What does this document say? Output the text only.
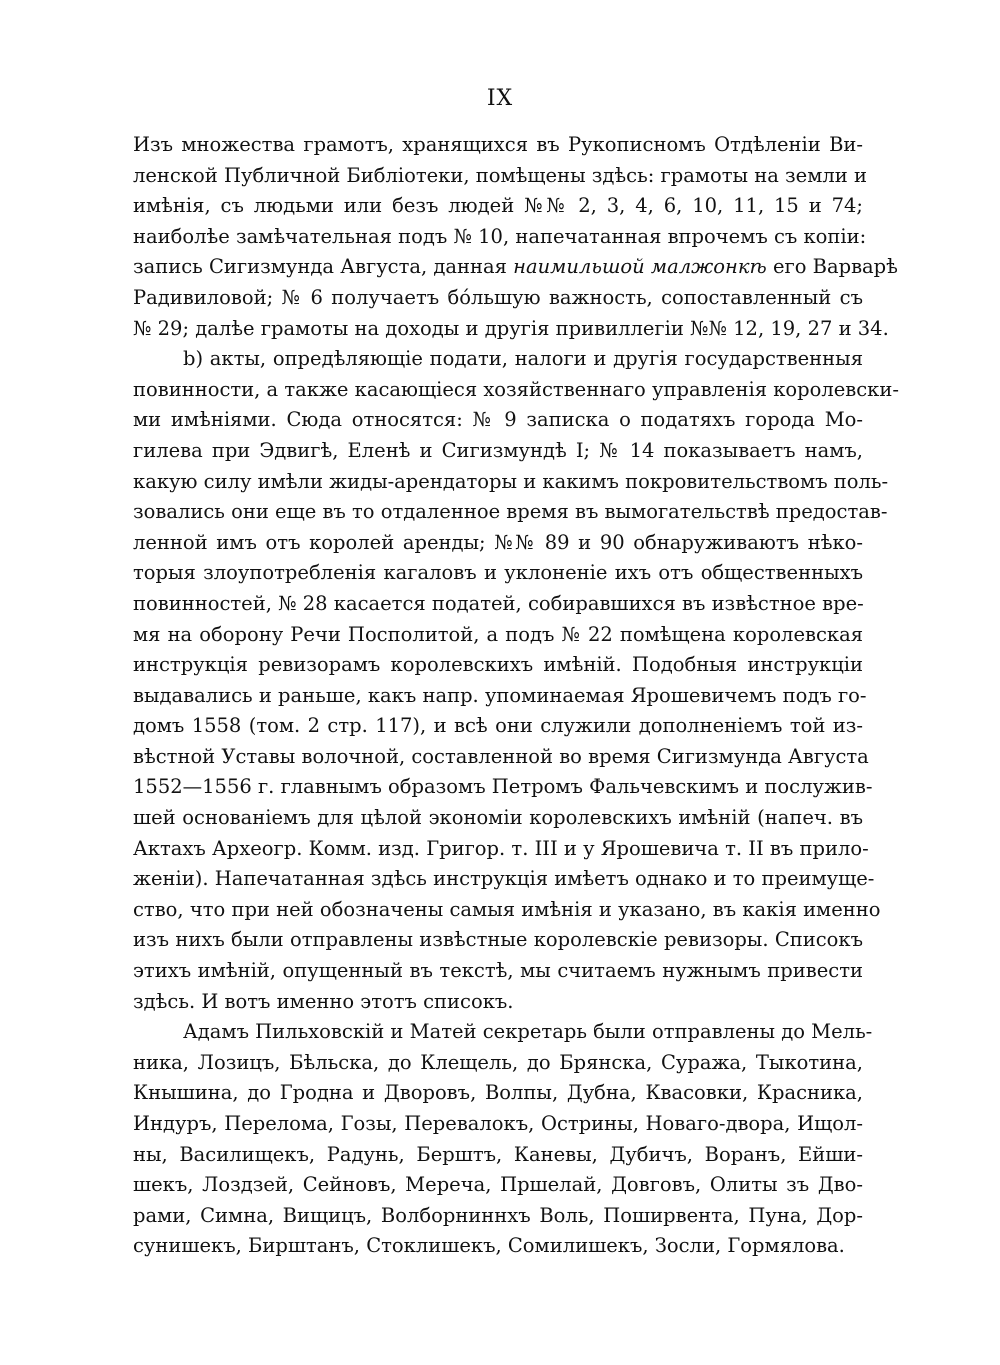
IX
Изъ множества грамотъ, хранящихся въ Рукописномъ Отдѣленіи Ви-
ленской Публичной Библіотеки, помѣщены здѣсь: грамоты на земли и
имѣнія, съ людьми или безъ людей №№ 2, 3, 4, 6, 10, 11, 15 и 74;
наиболѣе замѣчательная подъ № 10, напечатанная впрочемъ съ копіи:
запись Сигизмунда Августа, данная наимильшой малжонкѣ его Варварѣ
Радивиловой; № 6 получаетъ бо́льшую важность, сопоставленный съ
№ 29; далѣе грамоты на доходы и другія привиллегіи №№ 12, 19, 27 и 34.
b) акты, опредѣляющіе подати, налоги и другія государственныя
повинности, а также касающіеся хозяйственнаго управленія королевски-
ми имѣніями. Сюда относятся: № 9 записка о податяхъ города Мо-
гилева при Эдвигѣ, Еленѣ и Сигизмундѣ I; № 14 показываетъ намъ,
какую силу имѣли жиды-арендаторы и какимъ покровительствомъ поль-
зовались они еще въ то отдаленное время въ вымогательствѣ предостав-
ленной имъ отъ королей аренды; №№ 89 и 90 обнаруживаютъ нѣко-
торыя злоупотребленія кагаловъ и уклоненіе ихъ отъ общественныхъ
повинностей, № 28 касается податей, собиравшихся въ извѣстное вре-
мя на оборону Речи Посполитой, а подъ № 22 помѣщена королевская
инструкція ревизорамъ королевскихъ имѣній. Подобныя инструкціи
выдавались и раньше, какъ напр. упоминаемая Ярошевичемъ подъ го-
домъ 1558 (том. 2 стр. 117), и всѣ они служили дополненіемъ той из-
вѣстной Уставы волочной, составленной во время Сигизмунда Августа
1552—1556 г. главнымъ образомъ Петромъ Фальчевскимъ и послужив-
шей основаніемъ для цѣлой экономіи королевскихъ имѣній (напеч. въ
Актахъ Археогр. Комм. изд. Григор. т. III и у Ярошевича т. II въ прило-
женіи). Напечатанная здѣсь инструкція имѣетъ однако и то преимуще-
ство, что при ней обозначены самыя имѣнія и указано, въ какія именно
изъ нихъ были отправлены извѣстные королевскіе ревизоры. Списокъ
этихъ имѣній, опущенный въ текстѣ, мы считаемъ нужнымъ привести
здѣсь. И вотъ именно этотъ списокъ.
Адамъ Пильховскій и Матей секретарь были отправлены до Мель-
ника, Лозицъ, Бѣльска, до Клещель, до Брянска, Суража, Тыкотина,
Кнышина, до Гродна и Дворовъ, Волпы, Дубна, Квасовки, Красника,
Индуръ, Перелома, Гозы, Перевалокъ, Острины, Новаго-двора, Ищол-
ны, Василищекъ, Радунь, Берштъ, Каневы, Дубичъ, Воранъ, Ейши-
шекъ, Лоздзей, Сейновъ, Мереча, Пршелай, Довговъ, Олиты зъ Дво-
рами, Симна, Вищицъ, Волборниннхъ Воль, Поширвента, Пуна, Дор-
сунишекъ, Бирштанъ, Стоклишекъ, Сомилишекъ, Зосли, Гормялова.
